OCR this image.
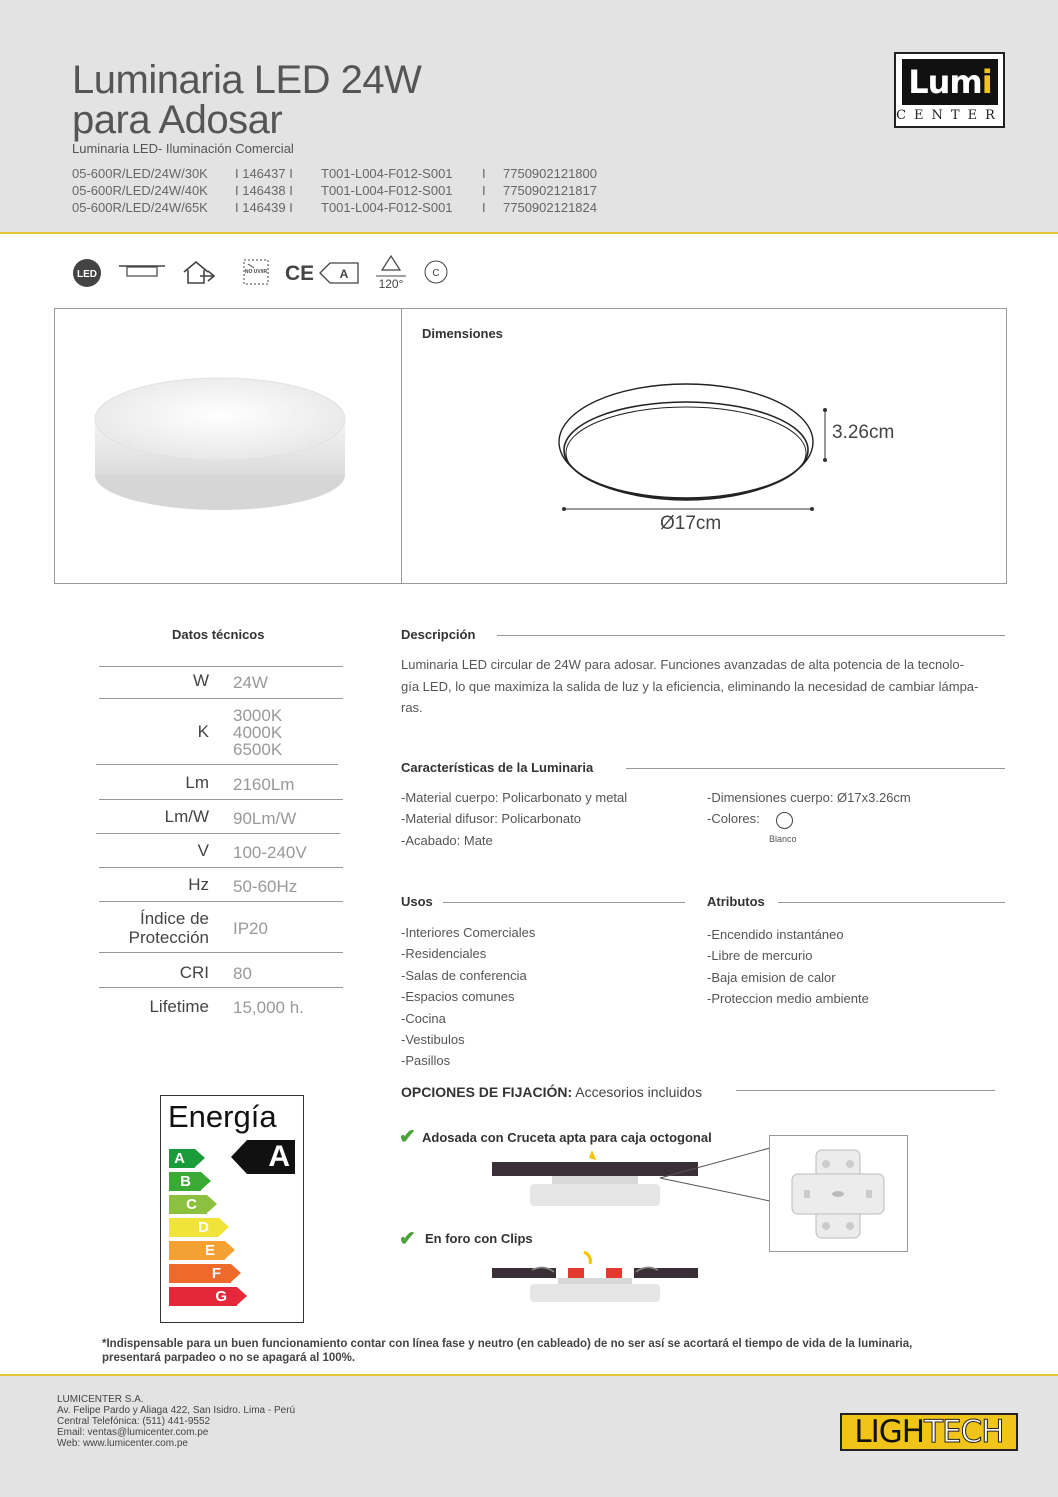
Luminaria LED 24W
para Adosar
Luminaria LED- Iluminación Comercial
05-600R/LED/24W/30K I 146437 I T001-L004-F012-S001 I 7750902121800
05-600R/LED/24W/40K I 146438 I T001-L004-F012-S001 I 7750902121817
05-600R/LED/24W/65K I 146439 I T001-L004-F012-S001 I 7750902121824
Lumi
CENTER
LED	NO UV/IR CE A
120°
C
Dimensiones
3.26cm
Ø17cm
Datos técnicos
W 24W
K
3000K
4000K
6500K
Lm 2160Lm
Lm/W 90Lm/W
V 100-240V
Hz 50-60Hz
Índice de
Protección IP20
CRI 80
Lifetime 15,000 h.
Descripción
Luminaria LED circular de 24W para adosar. Funciones avanzadas de alta potencia de la tecnolo-
gía LED, lo que maximiza la salida de luz y la eficiencia, eliminando la necesidad de cambiar lámpa-
ras.
Características de la Luminaria
-Material cuerpo: Policarbonato y metal
-Material difusor: Policarbonato
-Acabado: Mate
-Dimensiones cuerpo: Ø17x3.26cm
-Colores:
Blanco
Usos
-Interiores Comerciales
-Residenciales
-Salas de conferencia
-Espacios comunes
-Cocina
-Vestibulos
-Pasillos
Atributos
-Encendido instantáneo
-Libre de mercurio
-Baja emision de calor
-Proteccion medio ambiente
Energía
A
A
B
C
D
E
F
G
OPCIONES DE FIJACIÓN: Accesorios incluidos
✔ Adosada con Cruceta apta para caja octogonal
✔ En foro con Clips
*Indispensable para un buen funcionamiento contar con línea fase y neutro (en cableado) de no ser así se acortará el tiempo de vida de la luminaria,
presentará parpadeo o no se apagará al 100%.
LUMICENTER S.A.
Av. Felipe Pardo y Aliaga 422, San Isidro. Lima - Perú
Central Telefónica: (511) 441-9552
Email: ventas@lumicenter.com.pe
Web: www.lumicenter.com.pe	LIGHTECH
